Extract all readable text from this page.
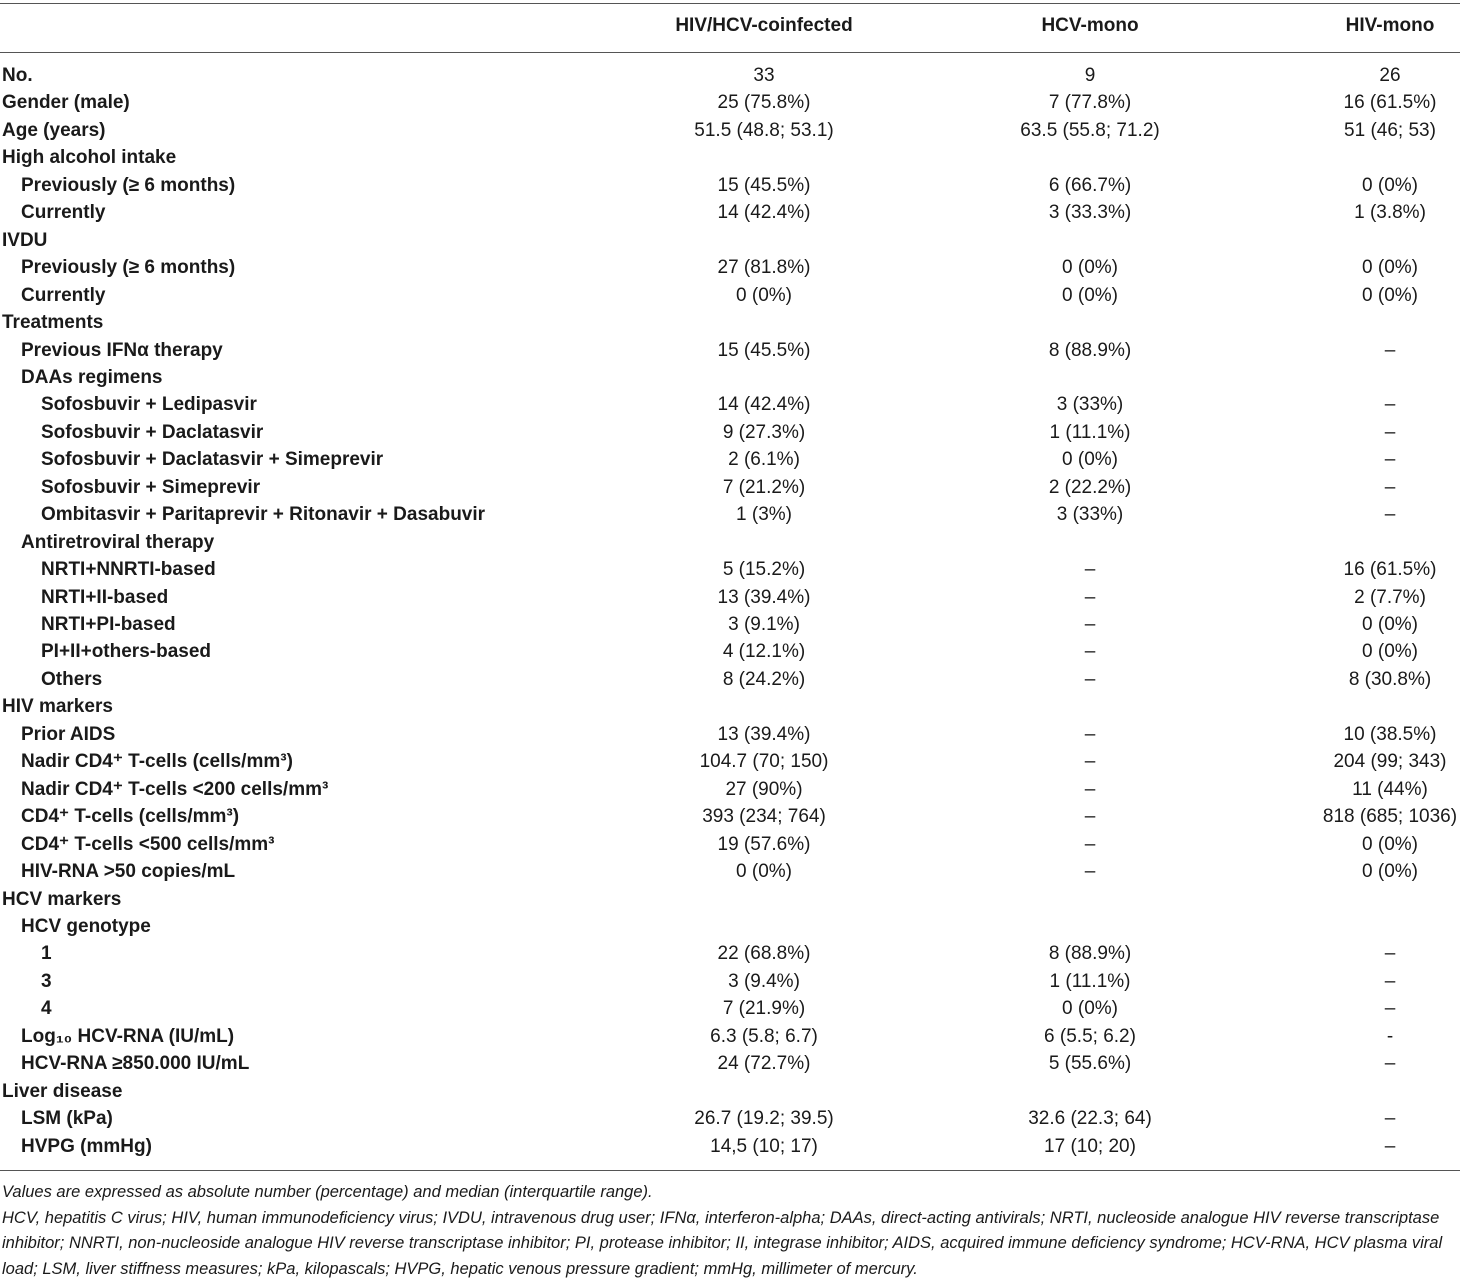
HIV/HCV-coinfected	HCV-mono	HIV-mono
No.	33	9	26
Gender (male)	25 (75.8%)	7 (77.8%)	16 (61.5%)
Age (years)	51.5 (48.8; 53.1)	63.5 (55.8; 71.2)	51 (46; 53)
High alcohol intake
Previously (≥ 6 months)	15 (45.5%)	6 (66.7%)	0 (0%)
Currently	14 (42.4%)	3 (33.3%)	1 (3.8%)
IVDU
Previously (≥ 6 months)	27 (81.8%)	0 (0%)	0 (0%)
Currently	0 (0%)	0 (0%)	0 (0%)
Treatments
Previous IFNα therapy	15 (45.5%)	8 (88.9%)	–
DAAs regimens
Sofosbuvir + Ledipasvir	14 (42.4%)	3 (33%)	–
Sofosbuvir + Daclatasvir	9 (27.3%)	1 (11.1%)	–
Sofosbuvir + Daclatasvir + Simeprevir	2 (6.1%)	0 (0%)	–
Sofosbuvir + Simeprevir	7 (21.2%)	2 (22.2%)	–
Ombitasvir + Paritaprevir + Ritonavir + Dasabuvir	1 (3%)	3 (33%)	–
Antiretroviral therapy
NRTI+NNRTI-based	5 (15.2%)	–	16 (61.5%)
NRTI+II-based	13 (39.4%)	–	2 (7.7%)
NRTI+PI-based	3 (9.1%)	–	0 (0%)
PI+II+others-based	4 (12.1%)	–	0 (0%)
Others	8 (24.2%)	–	8 (30.8%)
HIV markers
Prior AIDS	13 (39.4%)	–	10 (38.5%)
Nadir CD4⁺ T-cells (cells/mm³)	104.7 (70; 150)	–	204 (99; 343)
Nadir CD4⁺ T-cells <200 cells/mm³	27 (90%)	–	11 (44%)
CD4⁺ T-cells (cells/mm³)	393 (234; 764)	–	818 (685; 1036)
CD4⁺ T-cells <500 cells/mm³	19 (57.6%)	–	0 (0%)
HIV-RNA >50 copies/mL	0 (0%)	–	0 (0%)
HCV markers
HCV genotype
1	22 (68.8%)	8 (88.9%)	–
3	3 (9.4%)	1 (11.1%)	–
4	7 (21.9%)	0 (0%)	–
Log₁₀ HCV-RNA (IU/mL)	6.3 (5.8; 6.7)	6 (5.5; 6.2)	-
HCV-RNA ≥850.000 IU/mL	24 (72.7%)	5 (55.6%)	–
Liver disease
LSM (kPa)	26.7 (19.2; 39.5)	32.6 (22.3; 64)	–
HVPG (mmHg)	14,5 (10; 17)	17 (10; 20)	–

Values are expressed as absolute number (percentage) and median (interquartile range).

HCV, hepatitis C virus; HIV, human immunodeficiency virus; IVDU, intravenous drug user; IFNα, interferon-alpha; DAAs, direct-acting antivirals; NRTI, nucleoside analogue HIV reverse transcriptase inhibitor; NNRTI, non-nucleoside analogue HIV reverse transcriptase inhibitor; PI, protease inhibitor; II, integrase inhibitor; AIDS, acquired immune deficiency syndrome; HCV-RNA, HCV plasma viral load; LSM, liver stiffness measures; kPa, kilopascals; HVPG, hepatic venous pressure gradient; mmHg, millimeter of mercury.
